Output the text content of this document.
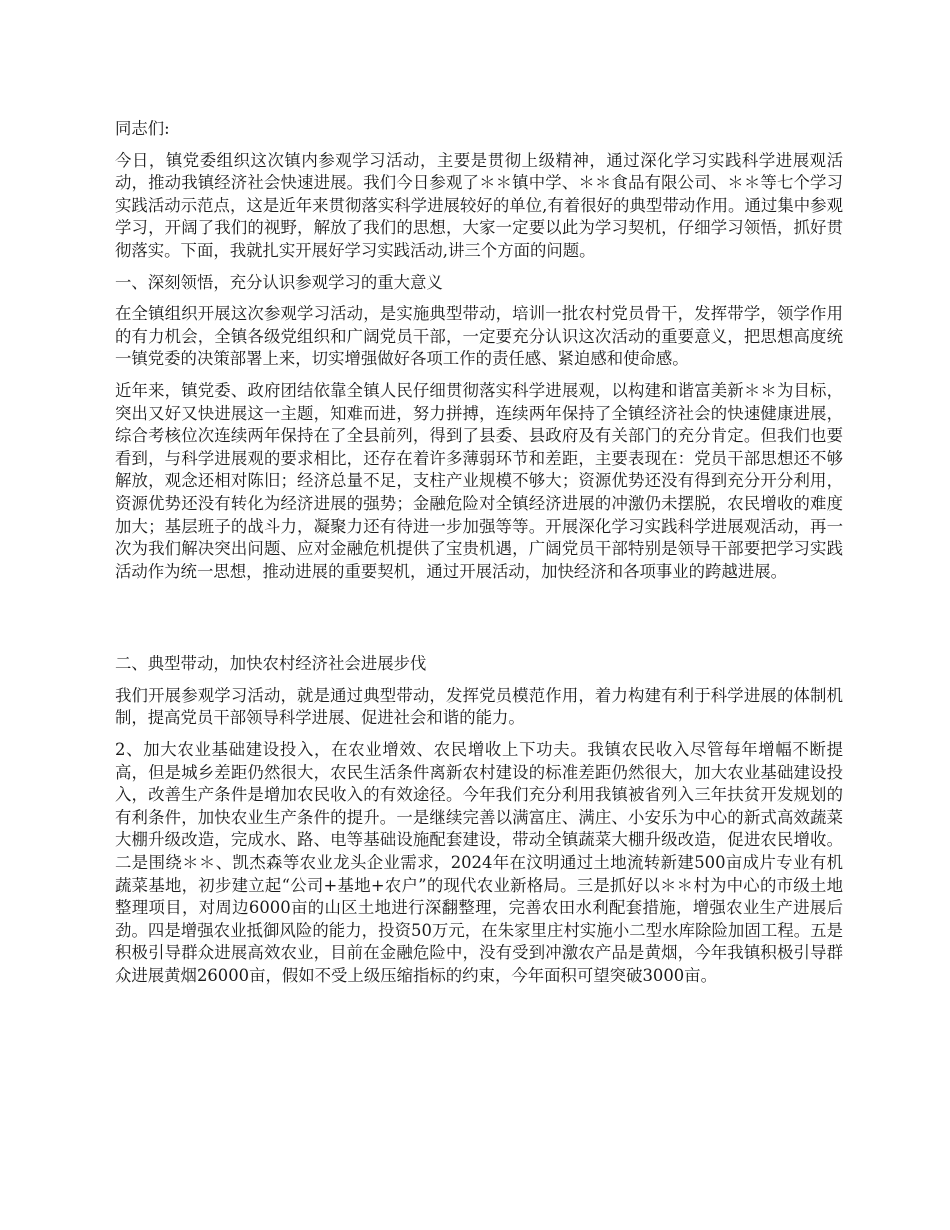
同志们:

今日，镇党委组织这次镇内参观学习活动，主要是贯彻上级精神，通过深化学习实践科学进展观活动，推动我镇经济社会快速进展。我们今日参观了＊＊镇中学、＊＊食品有限公司、＊＊等七个学习实践活动示范点，这是近年来贯彻落实科学进展较好的单位,有着很好的典型带动作用。通过集中参观学习，开阔了我们的视野，解放了我们的思想，大家一定要以此为学习契机，仔细学习领悟，抓好贯彻落实。下面，我就扎实开展好学习实践活动,讲三个方面的问题。

一、深刻领悟，充分认识参观学习的重大意义

在全镇组织开展这次参观学习活动，是实施典型带动，培训一批农村党员骨干，发挥带学，领学作用的有力机会，全镇各级党组织和广阔党员干部，一定要充分认识这次活动的重要意义，把思想高度统一镇党委的决策部署上来，切实增强做好各项工作的责任感、紧迫感和使命感。

近年来，镇党委、政府团结依靠全镇人民仔细贯彻落实科学进展观，以构建和谐富美新＊＊为目标，突出又好又快进展这一主题，知难而进，努力拼搏，连续两年保持了全镇经济社会的快速健康进展，综合考核位次连续两年保持在了全县前列，得到了县委、县政府及有关部门的充分肯定。但我们也要看到，与科学进展观的要求相比，还存在着许多薄弱环节和差距，主要表现在：党员干部思想还不够解放，观念还相对陈旧；经济总量不足，支柱产业规模不够大；资源优势还没有得到充分开分利用，资源优势还没有转化为经济进展的强势；金融危险对全镇经济进展的冲激仍未摆脱，农民增收的难度加大；基层班子的战斗力，凝聚力还有待进一步加强等等。开展深化学习实践科学进展观活动，再一次为我们解决突出问题、应对金融危机提供了宝贵机遇，广阔党员干部特别是领导干部要把学习实践活动作为统一思想，推动进展的重要契机，通过开展活动，加快经济和各项事业的跨越进展。

二、典型带动，加快农村经济社会进展步伐

我们开展参观学习活动，就是通过典型带动，发挥党员模范作用，着力构建有利于科学进展的体制机制，提高党员干部领导科学进展、促进社会和谐的能力。

2、加大农业基础建设投入，在农业增效、农民增收上下功夫。我镇农民收入尽管每年增幅不断提高，但是城乡差距仍然很大，农民生活条件离新农村建设的标准差距仍然很大，加大农业基础建设投入，改善生产条件是增加农民收入的有效途径。今年我们充分利用我镇被省列入三年扶贫开发规划的有利条件，加快农业生产条件的提升。一是继续完善以满富庄、满庄、小安乐为中心的新式高效蔬菜大棚升级改造，完成水、路、电等基础设施配套建设，带动全镇蔬菜大棚升级改造，促进农民增收。二是围绕＊＊、凯杰森等农业龙头企业需求，2024年在汶明通过土地流转新建500亩成片专业有机蔬菜基地，初步建立起“公司+基地+农户”的现代农业新格局。三是抓好以＊＊村为中心的市级土地整理项目，对周边6000亩的山区土地进行深翻整理，完善农田水利配套措施，增强农业生产进展后劲。四是增强农业抵御风险的能力，投资50万元，在朱家里庄村实施小二型水库除险加固工程。五是积极引导群众进展高效农业，目前在金融危险中，没有受到冲激农产品是黄烟，今年我镇积极引导群众进展黄烟26000亩，假如不受上级压缩指标的约束，今年面积可望突破3000亩。
